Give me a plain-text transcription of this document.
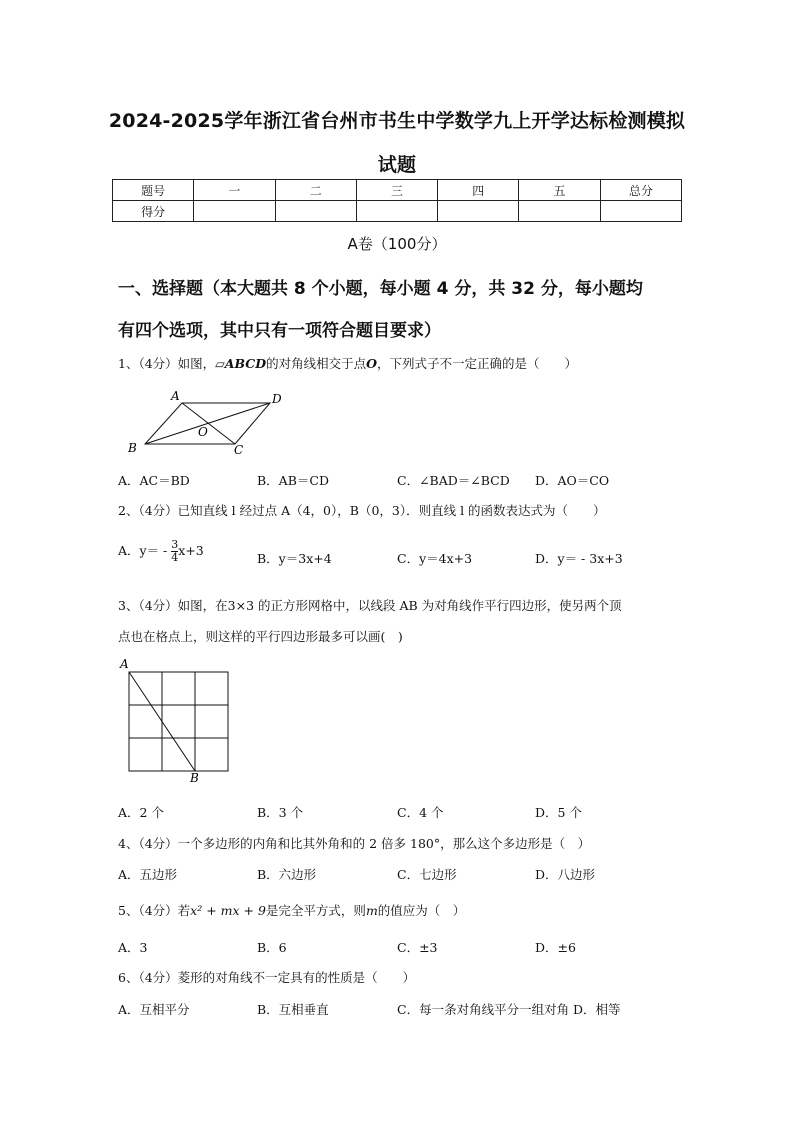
2024-2025学年浙江省台州市书生中学数学九上开学达标检测模拟
试题
题号	一	二	三	四	五	总分
得分						
A卷（100分）
一、选择题（本大题共 8 个小题，每小题 4 分，共 32 分，每小题均
有四个选项，其中只有一项符合题目要求）
1、（4分）如图，▱ABCD的对角线相交于点O，下列式子不一定正确的是（　　）
A	D
B	C
O
A．AC＝BD	B．AB＝CD	C．∠BAD＝∠BCD D．AO＝CO
2、（4分）已知直线 l 经过点 A（4，0），B（0，3）．则直线 l 的函数表达式为（　　）
A．$y= - \frac{3}{4} x+3$
B．y＝3x+4	C．y＝4x+3	D．y＝ - 3x+3
3、（4分）如图，在3×3 的正方形网格中，以线段 AB 为对角线作平行四边形，使另两个顶
点也在格点上，则这样的平行四边形最多可以画(　)
A
B
A．2 个	B．3 个	C．4 个	D．5 个
4、（4分）一个多边形的内角和比其外角和的 2 倍多 180°，那么这个多边形是（　）
A．五边形	B．六边形	C．七边形	D．八边形
5、（4分）若x² + mx + 9是完全平方式，则m的值应为（　）
A．3	B．6	C．±3	D．±6
6、（4分）菱形的对角线不一定具有的性质是（　　）
A．互相平分	B．互相垂直	C．每一条对角线平分一组对角 D．相等
